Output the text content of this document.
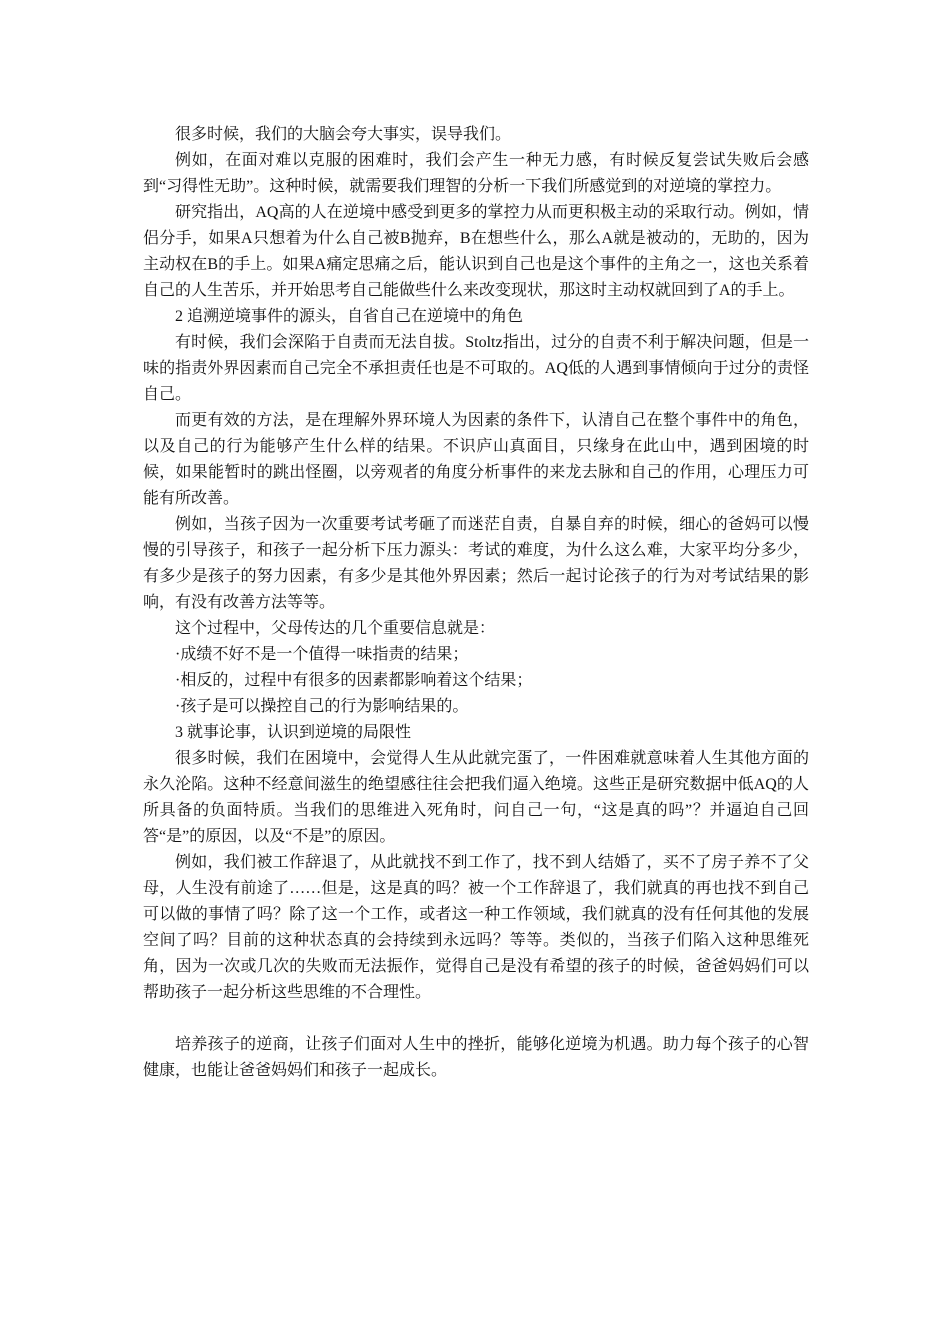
很多时候，我们的大脑会夸大事实，误导我们。

例如，在面对难以克服的困难时，我们会产生一种无力感，有时候反复尝试失败后会感到“习得性无助”。这种时候，就需要我们理智的分析一下我们所感觉到的对逆境的掌控力。

研究指出，AQ高的人在逆境中感受到更多的掌控力从而更积极主动的采取行动。例如，情侣分手，如果A只想着为什么自己被B抛弃，B在想些什么，那么A就是被动的，无助的，因为主动权在B的手上。如果A痛定思痛之后，能认识到自己也是这个事件的主角之一，这也关系着自己的人生苦乐，并开始思考自己能做些什么来改变现状，那这时主动权就回到了A的手上。

2 追溯逆境事件的源头，自省自己在逆境中的角色

有时候，我们会深陷于自责而无法自拔。Stoltz指出，过分的自责不利于解决问题，但是一味的指责外界因素而自己完全不承担责任也是不可取的。AQ低的人遇到事情倾向于过分的责怪自己。

而更有效的方法，是在理解外界环境人为因素的条件下，认清自己在整个事件中的角色，以及自己的行为能够产生什么样的结果。不识庐山真面目，只缘身在此山中，遇到困境的时候，如果能暂时的跳出怪圈，以旁观者的角度分析事件的来龙去脉和自己的作用，心理压力可能有所改善。

例如，当孩子因为一次重要考试考砸了而迷茫自责，自暴自弃的时候，细心的爸妈可以慢慢的引导孩子，和孩子一起分析下压力源头：考试的难度，为什么这么难，大家平均分多少，有多少是孩子的努力因素，有多少是其他外界因素；然后一起讨论孩子的行为对考试结果的影响，有没有改善方法等等。

这个过程中，父母传达的几个重要信息就是：

·成绩不好不是一个值得一味指责的结果；

·相反的，过程中有很多的因素都影响着这个结果；

·孩子是可以操控自己的行为影响结果的。

3 就事论事，认识到逆境的局限性

很多时候，我们在困境中，会觉得人生从此就完蛋了，一件困难就意味着人生其他方面的永久沦陷。这种不经意间滋生的绝望感往往会把我们逼入绝境。这些正是研究数据中低AQ的人所具备的负面特质。当我们的思维进入死角时，问自己一句，“这是真的吗”？并逼迫自己回答“是”的原因，以及“不是”的原因。

例如，我们被工作辞退了，从此就找不到工作了，找不到人结婚了，买不了房子养不了父母，人生没有前途了……但是，这是真的吗？被一个工作辞退了，我们就真的再也找不到自己可以做的事情了吗？除了这一个工作，或者这一种工作领域，我们就真的没有任何其他的发展空间了吗？目前的这种状态真的会持续到永远吗？等等。类似的，当孩子们陷入这种思维死角，因为一次或几次的失败而无法振作，觉得自己是没有希望的孩子的时候，爸爸妈妈们可以帮助孩子一起分析这些思维的不合理性。

培养孩子的逆商，让孩子们面对人生中的挫折，能够化逆境为机遇。助力每个孩子的心智健康，也能让爸爸妈妈们和孩子一起成长。
